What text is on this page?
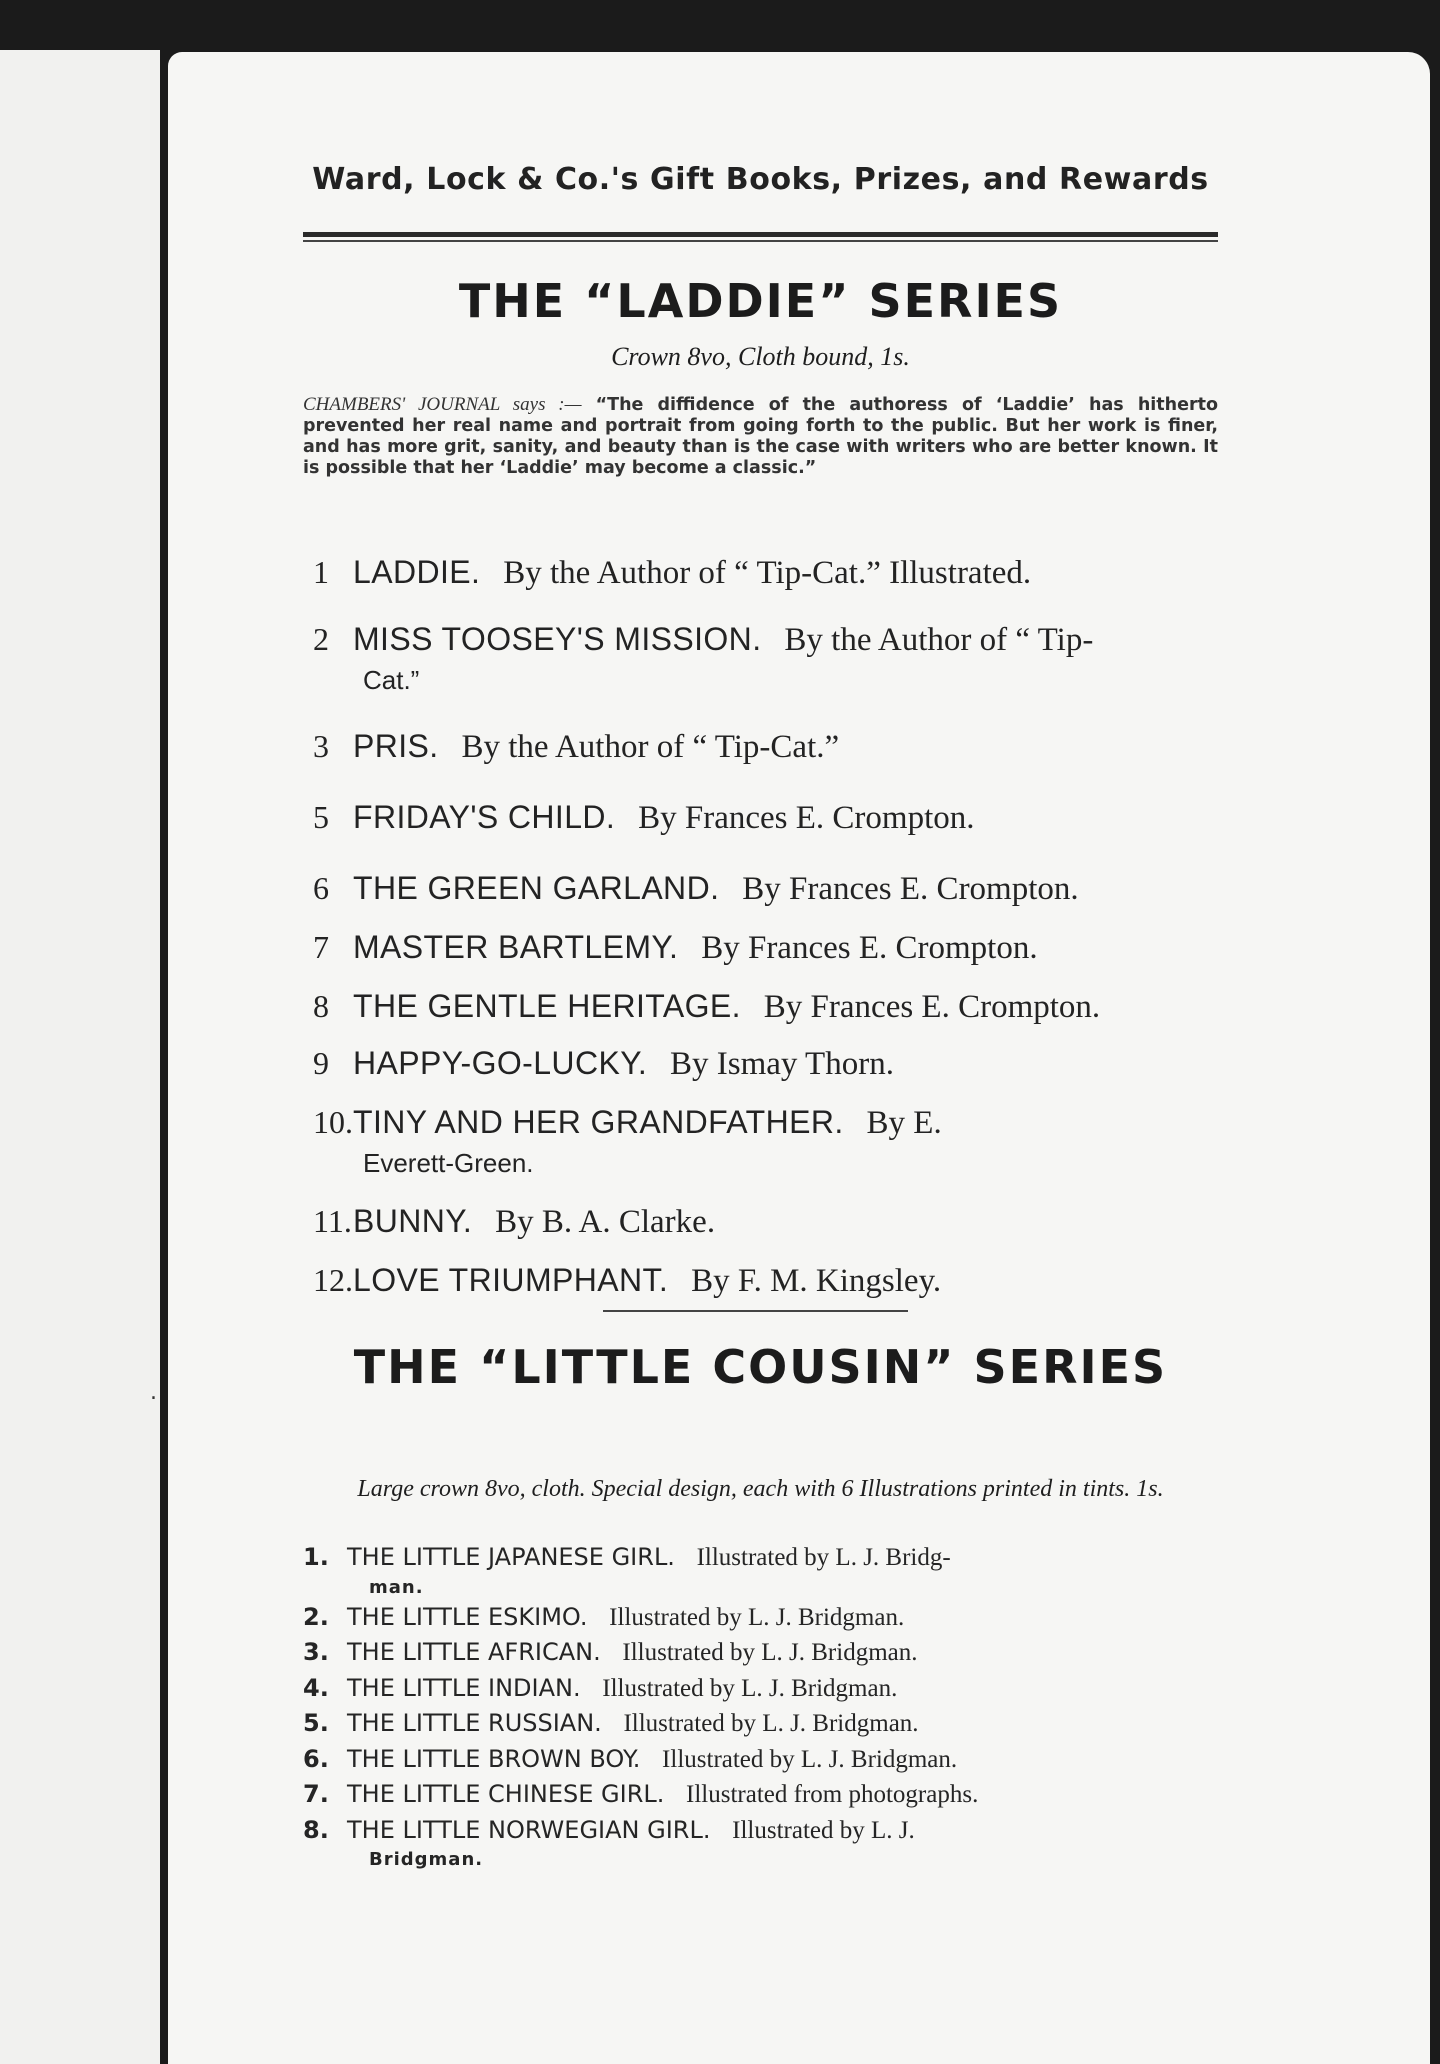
.
Ward, Lock & Co.'s Gift Books, Prizes, and Rewards
THE “LADDIE” SERIES
Crown 8vo, Cloth bound, 1s.
CHAMBERS' JOURNAL says :— “The diffidence of the authoress of ‘Laddie’ has hitherto prevented her real name and portrait from going forth to the public. But her work is finer, and has more grit, sanity, and beauty than is the case with writers who are better known. It is possible that her ‘Laddie’ may become a classic.”
1 LADDIE. By the Author of “ Tip-Cat.” Illustrated.
2 MISS TOOSEY'S MISSION. By the Author of “ Tip-
Cat.”
3 PRIS. By the Author of “ Tip-Cat.”
5 FRIDAY'S CHILD. By Frances E. Crompton.
6 THE GREEN GARLAND. By Frances E. Crompton.
7 MASTER BARTLEMY. By Frances E. Crompton.
8 THE GENTLE HERITAGE. By Frances E. Crompton.
9 HAPPY-GO-LUCKY. By Ismay Thorn.
10. TINY AND HER GRANDFATHER. By E.
Everett-Green.
11. BUNNY. By B. A. Clarke.
12. LOVE TRIUMPHANT. By F. M. Kingsley.
THE “LITTLE COUSIN” SERIES
Large crown 8vo, cloth. Special design, each with 6 Illustrations printed in tints. 1s.
1. THE LITTLE JAPANESE GIRL. Illustrated by L. J. Bridg-
man.
2. THE LITTLE ESKIMO. Illustrated by L. J. Bridgman.
3. THE LITTLE AFRICAN. Illustrated by L. J. Bridgman.
4. THE LITTLE INDIAN. Illustrated by L. J. Bridgman.
5. THE LITTLE RUSSIAN. Illustrated by L. J. Bridgman.
6. THE LITTLE BROWN BOY. Illustrated by L. J. Bridgman.
7. THE LITTLE CHINESE GIRL. Illustrated from photographs.
8. THE LITTLE NORWEGIAN GIRL. Illustrated by L. J.
Bridgman.
